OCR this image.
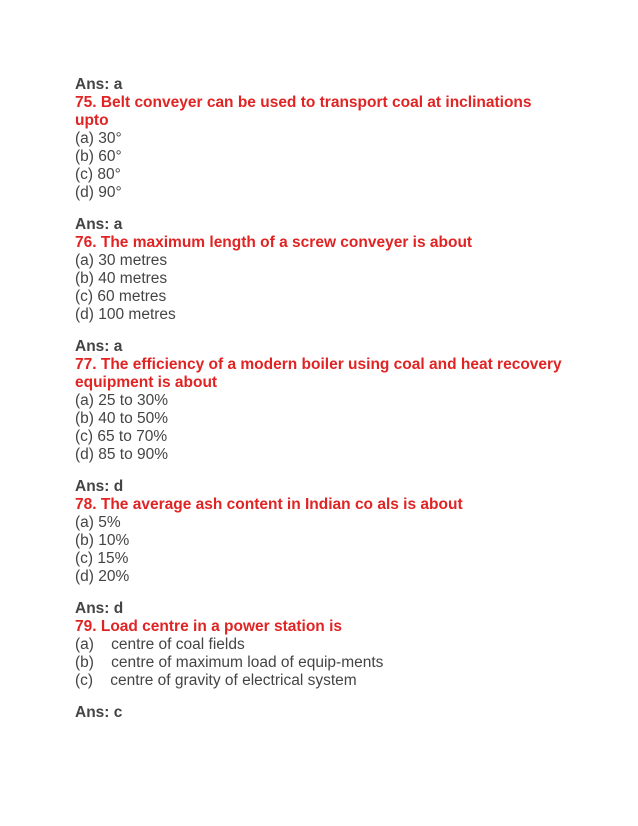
Ans: a
75. Belt conveyer can be used to transport coal at inclinations upto
(a) 30°
(b) 60°
(c) 80°
(d) 90°
Ans: a
76. The maximum length of a screw conveyer is about
(a) 30 metres
(b) 40 metres
(c) 60 metres
(d) 100 metres
Ans: a
77. The efficiency of a modern boiler using coal and heat recovery equipment is about
(a) 25 to 30%
(b) 40 to 50%
(c) 65 to 70%
(d) 85 to 90%
Ans: d
78. The average ash content in Indian co als is about
(a) 5%
(b) 10%
(c) 15%
(d) 20%
Ans: d
79. Load centre in a power station is
(a)    centre of coal fields
(b)    centre of maximum load of equip-ments
(c)    centre of gravity of electrical system
Ans: c
